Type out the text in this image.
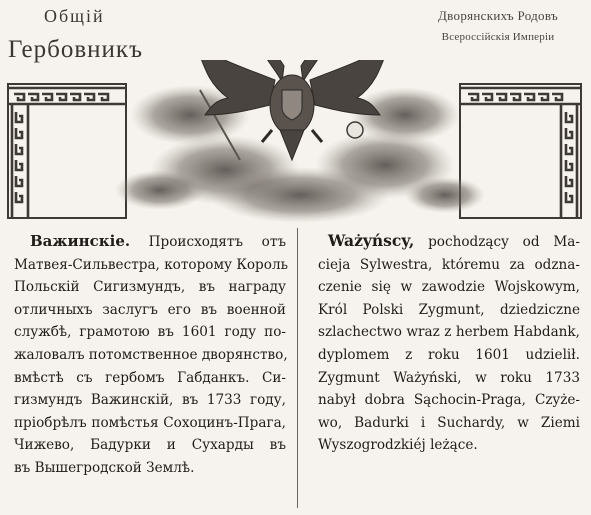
Общій
Гербовникъ
Дворянскихъ Родовъ
Всероссійскія Имперіи
Важинскіе. Происходятъ отъ
Матвея-Сильвестра, которому Король
Польскій Сигизмундъ, въ награду
отличныхъ заслугъ его въ военной
службѣ, грамотою въ 1601 году по-
жаловалъ потомственное дворянство,
вмѣстѣ съ гербомъ Габданкъ. Си-
гизмундъ Важинскій, въ 1733 году,
пріобрѣлъ помѣстья Сохоцинъ-Прага,
Чижево, Бадурки и Сухарды въ
въ Вышегродской Землѣ.
Ważyńscy, pochodzący od Ma-
cieja Sylwestra, któremu za odzna-
czenie się w zawodzie Wojskowym,
Król Polski Zygmunt, dziedziczne
szlachectwo wraz z herbem Habdank,
dyplomem z roku 1601 udzielił.
Zygmunt Ważyński, w roku 1733
nabył dobra Sąchocin-Praga, Czyże-
wo, Badurki i Suchardy, w Ziemi
Wyszogrodzkiéj leżące.
